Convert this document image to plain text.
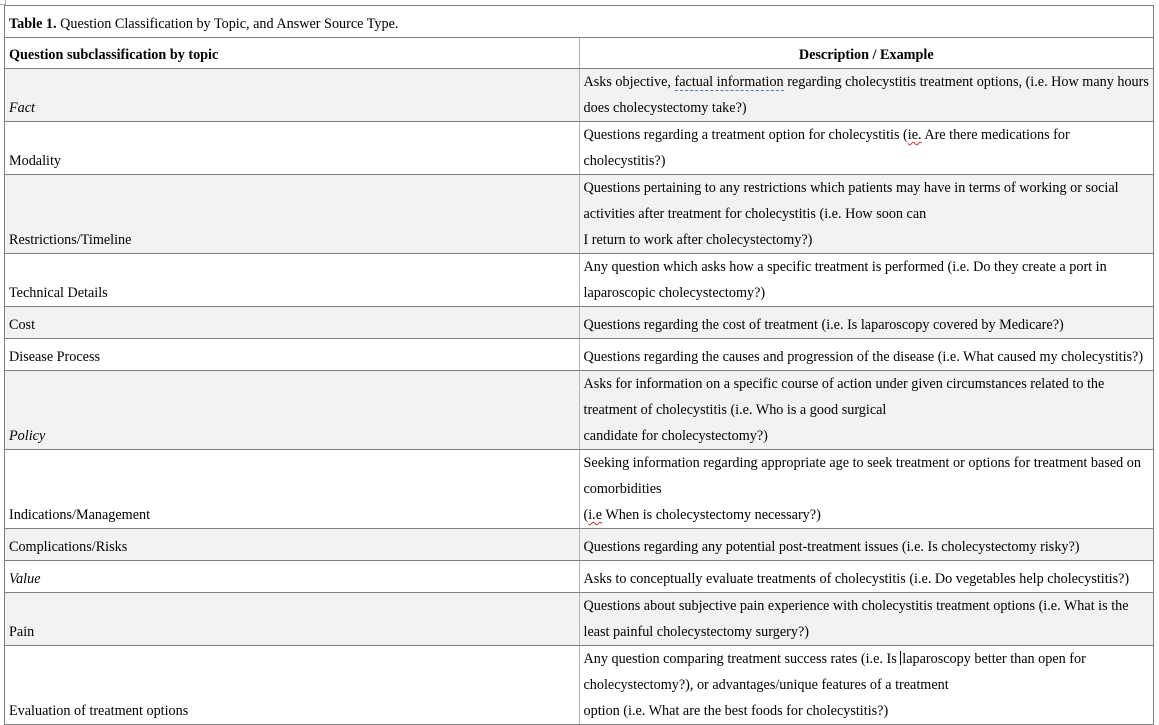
Table 1. Question Classification by Topic, and Answer Source Type.	
Question subclassification by topic	Description / Example
Fact	Asks objective, factual information regarding cholecystitis treatment options, (i.e. How many hours does cholecystectomy take?)
Modality	Questions regarding a treatment option for cholecystitis (ie. Are there medications for cholecystitis?)
Restrictions/Timeline	Questions pertaining to any restrictions which patients may have in terms of working or social activities after treatment for cholecystitis (i.e. How soon can
I return to work after cholecystectomy?)

Technical Details	Any question which asks how a specific treatment is performed (i.e. Do they create a port in laparoscopic cholecystectomy?)
Cost	Questions regarding the cost of treatment (i.e. Is laparoscopy covered by Medicare?)
Disease Process	Questions regarding the causes and progression of the disease (i.e. What caused my cholecystitis?)
Policy	Asks for information on a specific course of action under given circumstances related to the treatment of cholecystitis (i.e. Who is a good surgical
candidate for cholecystectomy?)

Indications/Management	Seeking information regarding appropriate age to seek treatment or options for treatment based on comorbidities
(i.e When is cholecystectomy necessary?)

Complications/Risks	Questions regarding any potential post-treatment issues (i.e. Is cholecystectomy risky?)
Value	Asks to conceptually evaluate treatments of cholecystitis (i.e. Do vegetables help cholecystitis?)
Pain	Questions about subjective pain experience with cholecystitis treatment options (i.e. What is the least painful cholecystectomy surgery?)
Evaluation of treatment options	Any question comparing treatment success rates (i.e. Is laparoscopy better than open for cholecystectomy?), or advantages/unique features of a treatment
option (i.e. What are the best foods for cholecystitis?)
